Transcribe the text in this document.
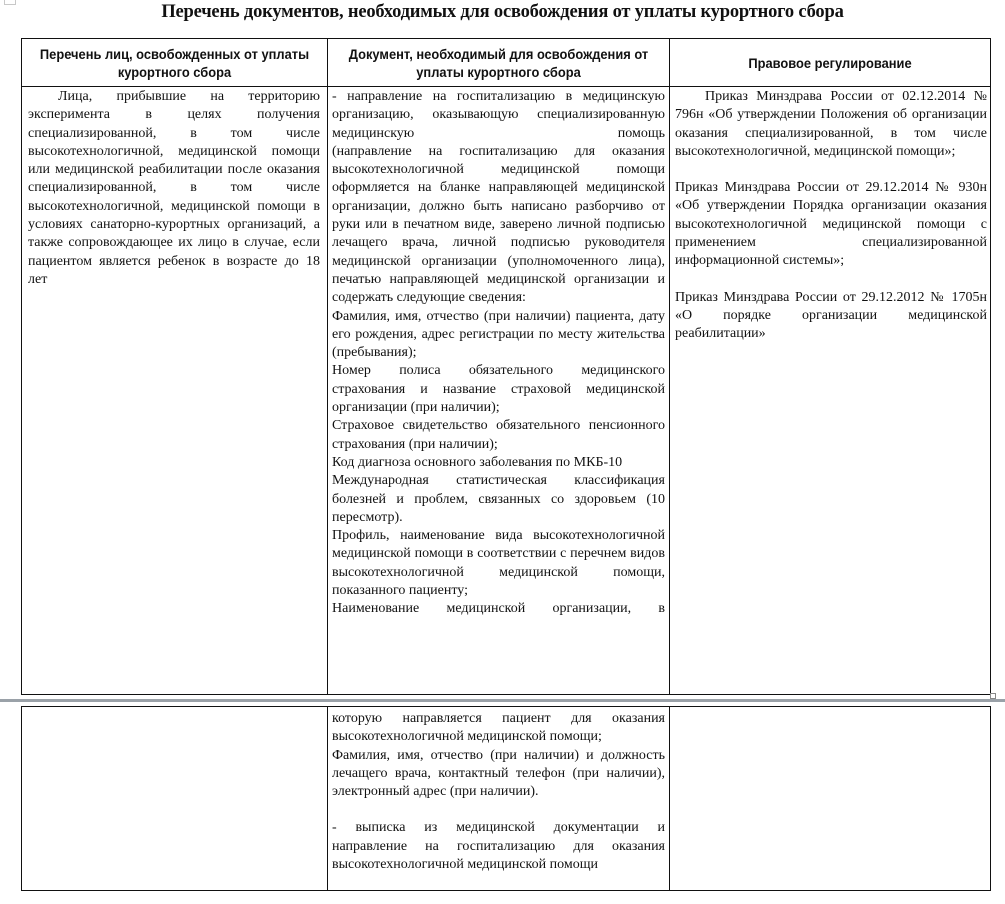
Перечень документов, необходимых для освобождения от уплаты курортного сбора
Перечень лиц, освобожденных от уплаты курортного сбора
Документ, необходимый для освобождения от уплаты курортного сбора
Правовое регулирование

Лица, прибывшие на территорию эксперимента в целях получения специализированной, в том числе высокотехнологичной, медицинской помощи или медицинской реабилитации после оказания специализированной, в том числе высокотехнологичной, медицинской помощи в условиях санаторно-курортных организаций, а также сопровождающее их лицо в случае, если пациентом является ребенок в возрасте до 18 лет

- направление на госпитализацию в медицинскую организацию, оказывающую специализированную медицинскую помощь

(направление на госпитализацию для оказания высокотехнологичной медицинской помощи оформляется на бланке направляющей медицинской организации, должно быть написано разборчиво от руки или в печатном виде, заверено личной подписью лечащего врача, личной подписью руководителя медицинской организации (уполномоченного лица), печатью направляющей медицинской организации и содержать следующие сведения:

Фамилия, имя, отчество (при наличии) пациента, дату его рождения, адрес регистрации по месту жительства (пребывания);

Номер полиса обязательного медицинского страхования и название страховой медицинской организации (при наличии);

Страховое свидетельство обязательного пенсионного страхования (при наличии);

Код диагноза основного заболевания по МКБ-10

Международная статистическая классификация болезней и проблем, связанных со здоровьем (10 пересмотр).

Профиль, наименование вида высокотехнологичной медицинской помощи в соответствии с перечнем видов высокотехнологичной медицинской помощи, показанного пациенту;

Наименование медицинской организации, в

Приказ Минздрава России от 02.12.2014 № 796н «Об утверждении Положения об организации оказания специализированной, в том числе высокотехнологичной, медицинской помощи»;

Приказ Минздрава России от 29.12.2014 № 930н «Об утверждении Порядка организации оказания высокотехнологичной медицинской помощи с применением специализированной информационной системы»;

Приказ Минздрава России от 29.12.2012 № 1705н «О порядке организации медицинской реабилитации»

которую направляется пациент для оказания высокотехнологичной медицинской помощи;

Фамилия, имя, отчество (при наличии) и должность лечащего врача, контактный телефон (при наличии), электронный адрес (при наличии).

- выписка из медицинской документации и направление на госпитализацию для оказания высокотехнологичной медицинской помощи
